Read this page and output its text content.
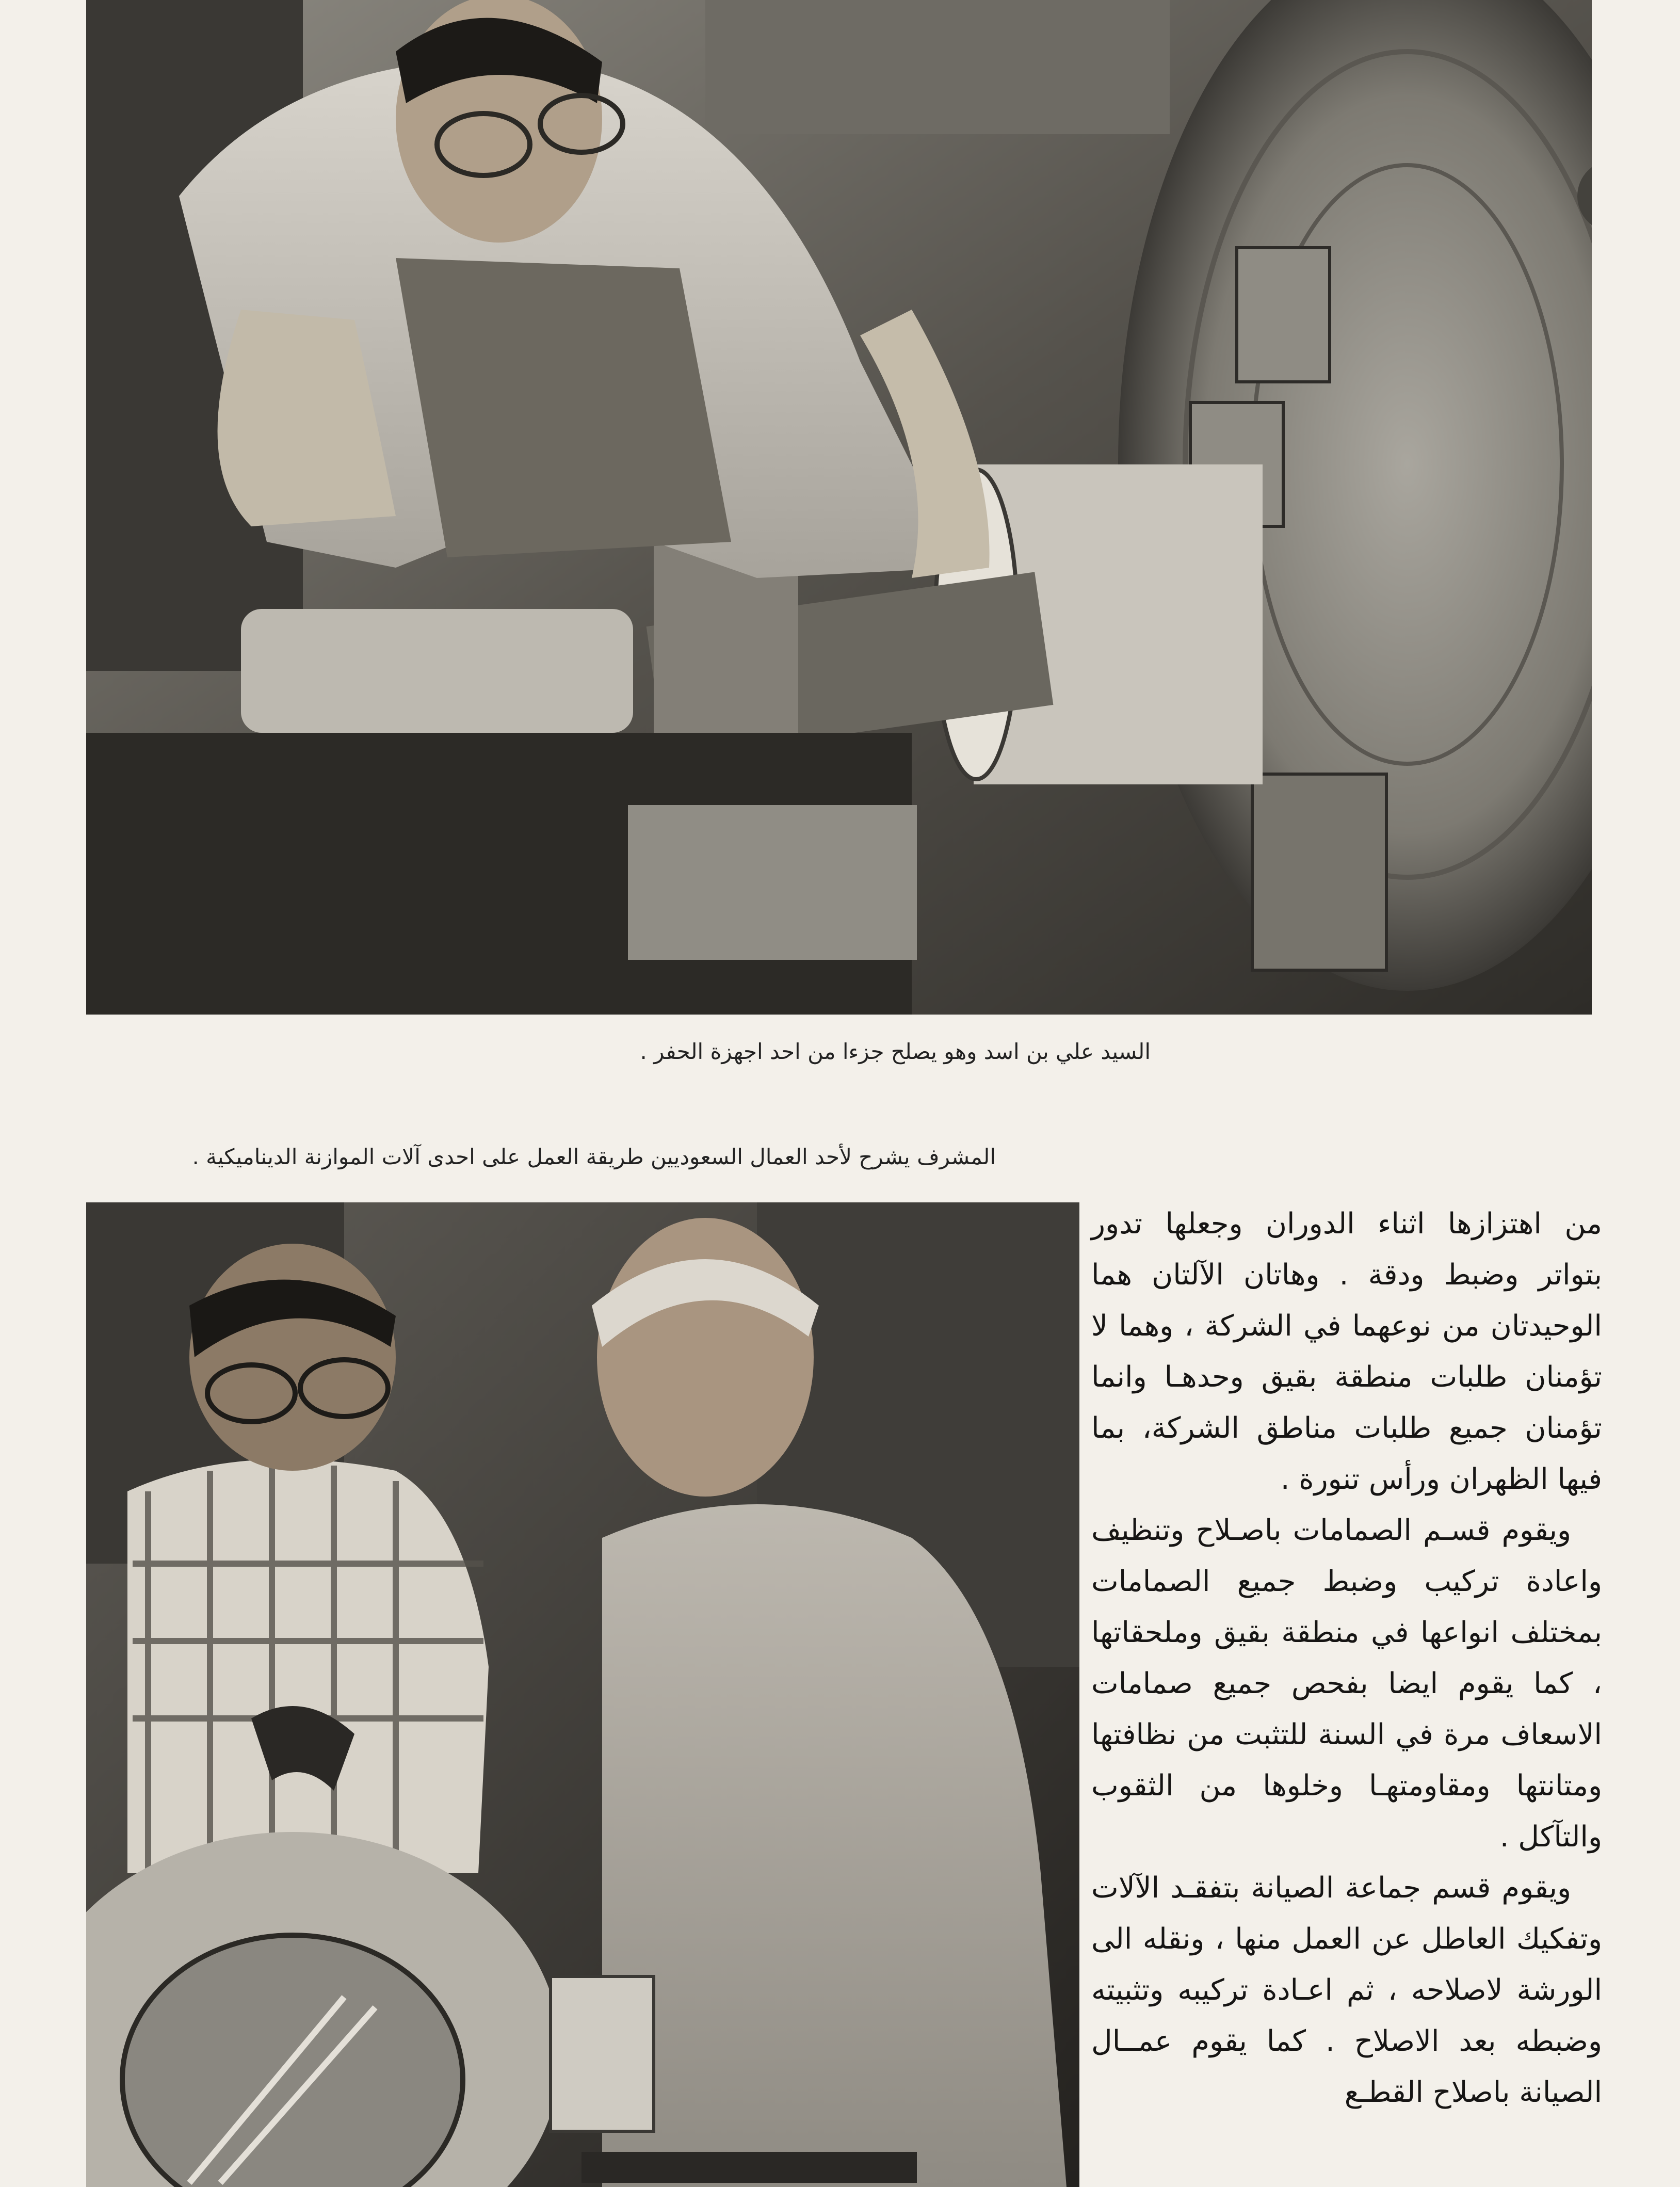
السيد علي بن اسد وهو يصلح جزءا من احد اجهزة الحفر .
المشرف يشرح لأحد العمال السعوديين طريقة العمل على احدى آلات الموازنة الديناميكية .

من اهتزازها اثناء الدوران وجعلها تدور بتواتر وضبط ودقة . وهاتان الآلتان هما الوحيدتان من نوعهما في الشركة ، وهما لا تؤمنان طلبات منطقة بقيق وحدهـا وانما تؤمنان جميع طلبات مناطق الشركة، بما فيها الظهران ورأس تنورة .

ويقوم قسـم الصمامات باصـلاح وتنظيف واعادة تركيب وضبط جميع الصمامات بمختلف انواعها في منطقة بقيق وملحقاتها ، كما يقوم ايضا بفحص جميع صمامات الاسعاف مرة في السنة للتثبت من نظافتها ومتانتها ومقاومتهـا وخلوها من الثقوب والتآكل .

ويقوم قسم جماعة الصيانة بتفقـد الآلات وتفكيك العاطل عن العمل منها ، ونقله الى الورشة لاصلاحه ، ثم اعـادة تركيبه وتثبيته وضبطه بعد الاصلاح . كما يقوم عمــال الصيانة باصلاح القطـع
